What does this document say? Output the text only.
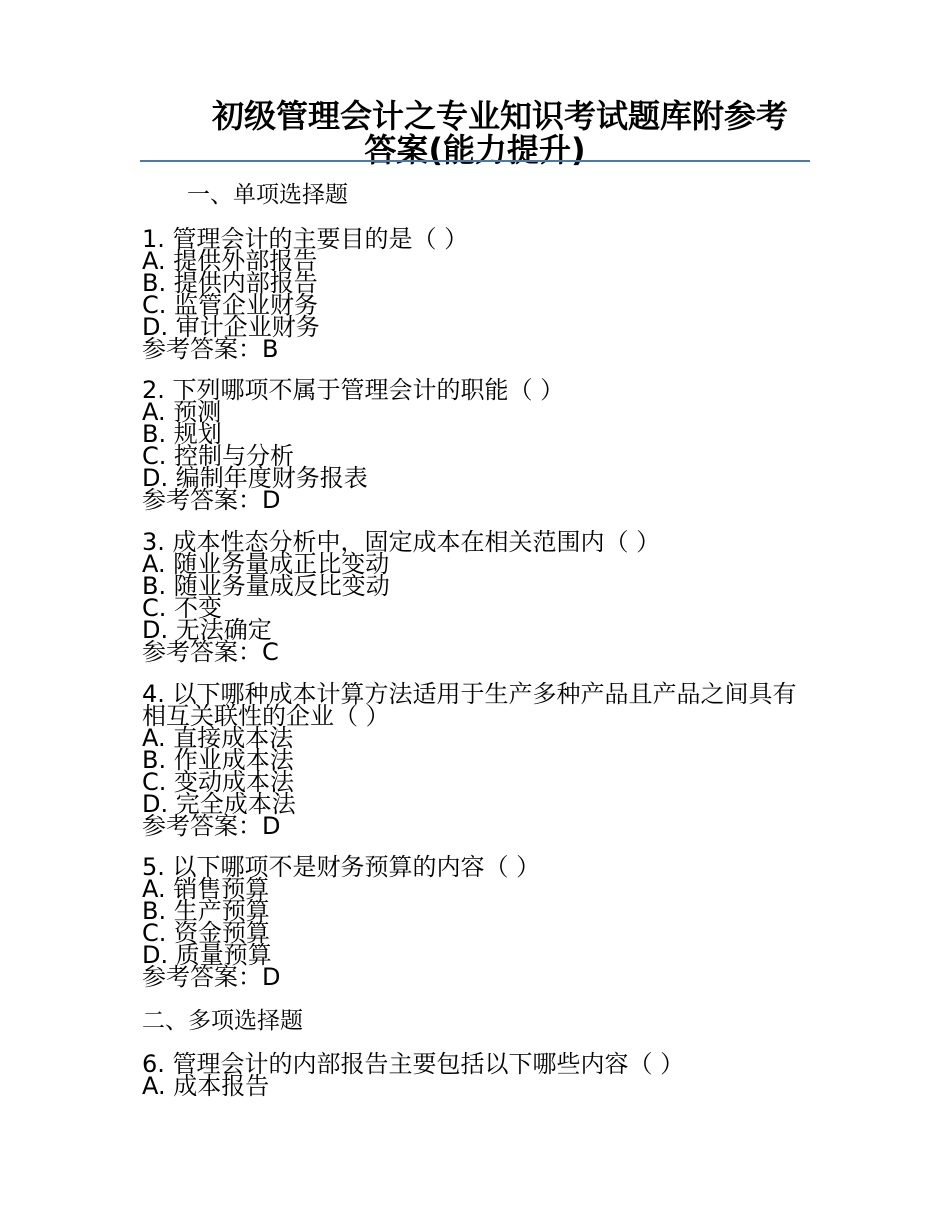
初级管理会计之专业知识考试题库附参考
答案(能力提升)
一、单项选择题
1. 管理会计的主要目的是（ ）
A. 提供外部报告
B. 提供内部报告
C. 监管企业财务
D. 审计企业财务
参考答案：B
2. 下列哪项不属于管理会计的职能（ ）
A. 预测
B. 规划
C. 控制与分析
D. 编制年度财务报表
参考答案：D
3. 成本性态分析中，固定成本在相关范围内（ ）
A. 随业务量成正比变动
B. 随业务量成反比变动
C. 不变
D. 无法确定
参考答案：C
4. 以下哪种成本计算方法适用于生产多种产品且产品之间具有相互关联性的企业（ ）
A. 直接成本法
B. 作业成本法
C. 变动成本法
D. 完全成本法
参考答案：D
5. 以下哪项不是财务预算的内容（ ）
A. 销售预算
B. 生产预算
C. 资金预算
D. 质量预算
参考答案：D
二、多项选择题
6. 管理会计的内部报告主要包括以下哪些内容（ ）
A. 成本报告
